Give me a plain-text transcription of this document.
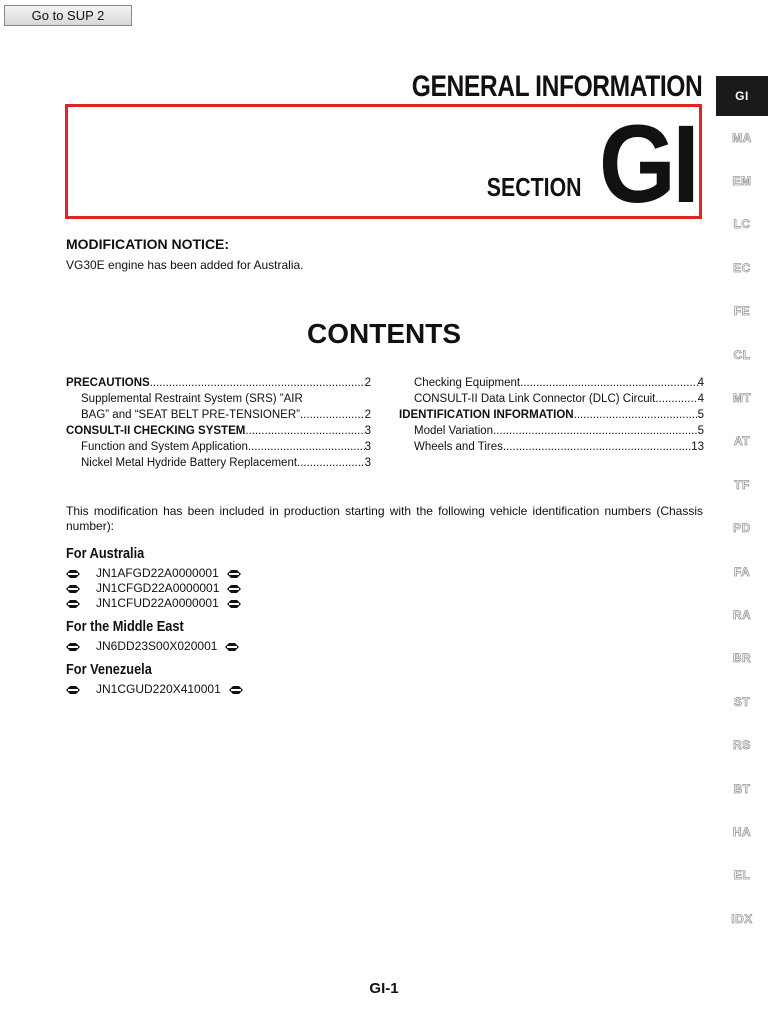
Go to SUP 2
GENERAL INFORMATION
SECTION GI
MODIFICATION NOTICE:
VG30E engine has been added for Australia.
CONTENTS
PRECAUTIONS .....	2
Supplemental Restraint System (SRS) ”AIR
BAG” and “SEAT BELT PRE-TENSIONER” .....	2
CONSULT-II CHECKING SYSTEM .....	3
Function and System Application .....	3
Nickel Metal Hydride Battery Replacement .....	3
Checking Equipment .....	4
CONSULT-II Data Link Connector (DLC) Circuit .....	4
IDENTIFICATION INFORMATION .....	5
Model Variation .....	5
Wheels and Tires .....	13
This modification has been included in production starting with the following vehicle identification numbers (Chassis number):
For Australia
JN1AFGD22A0000001
JN1CFGD22A0000001
JN1CFUD22A0000001
For the Middle East
JN6DD23S00X020001
For Venezuela
JN1CGUD220X410001
GI
MA
EM
LC
EC
FE
CL
MT
AT
TF
PD
FA
RA
BR
ST
RS
BT
HA
EL
IDX
GI-1
